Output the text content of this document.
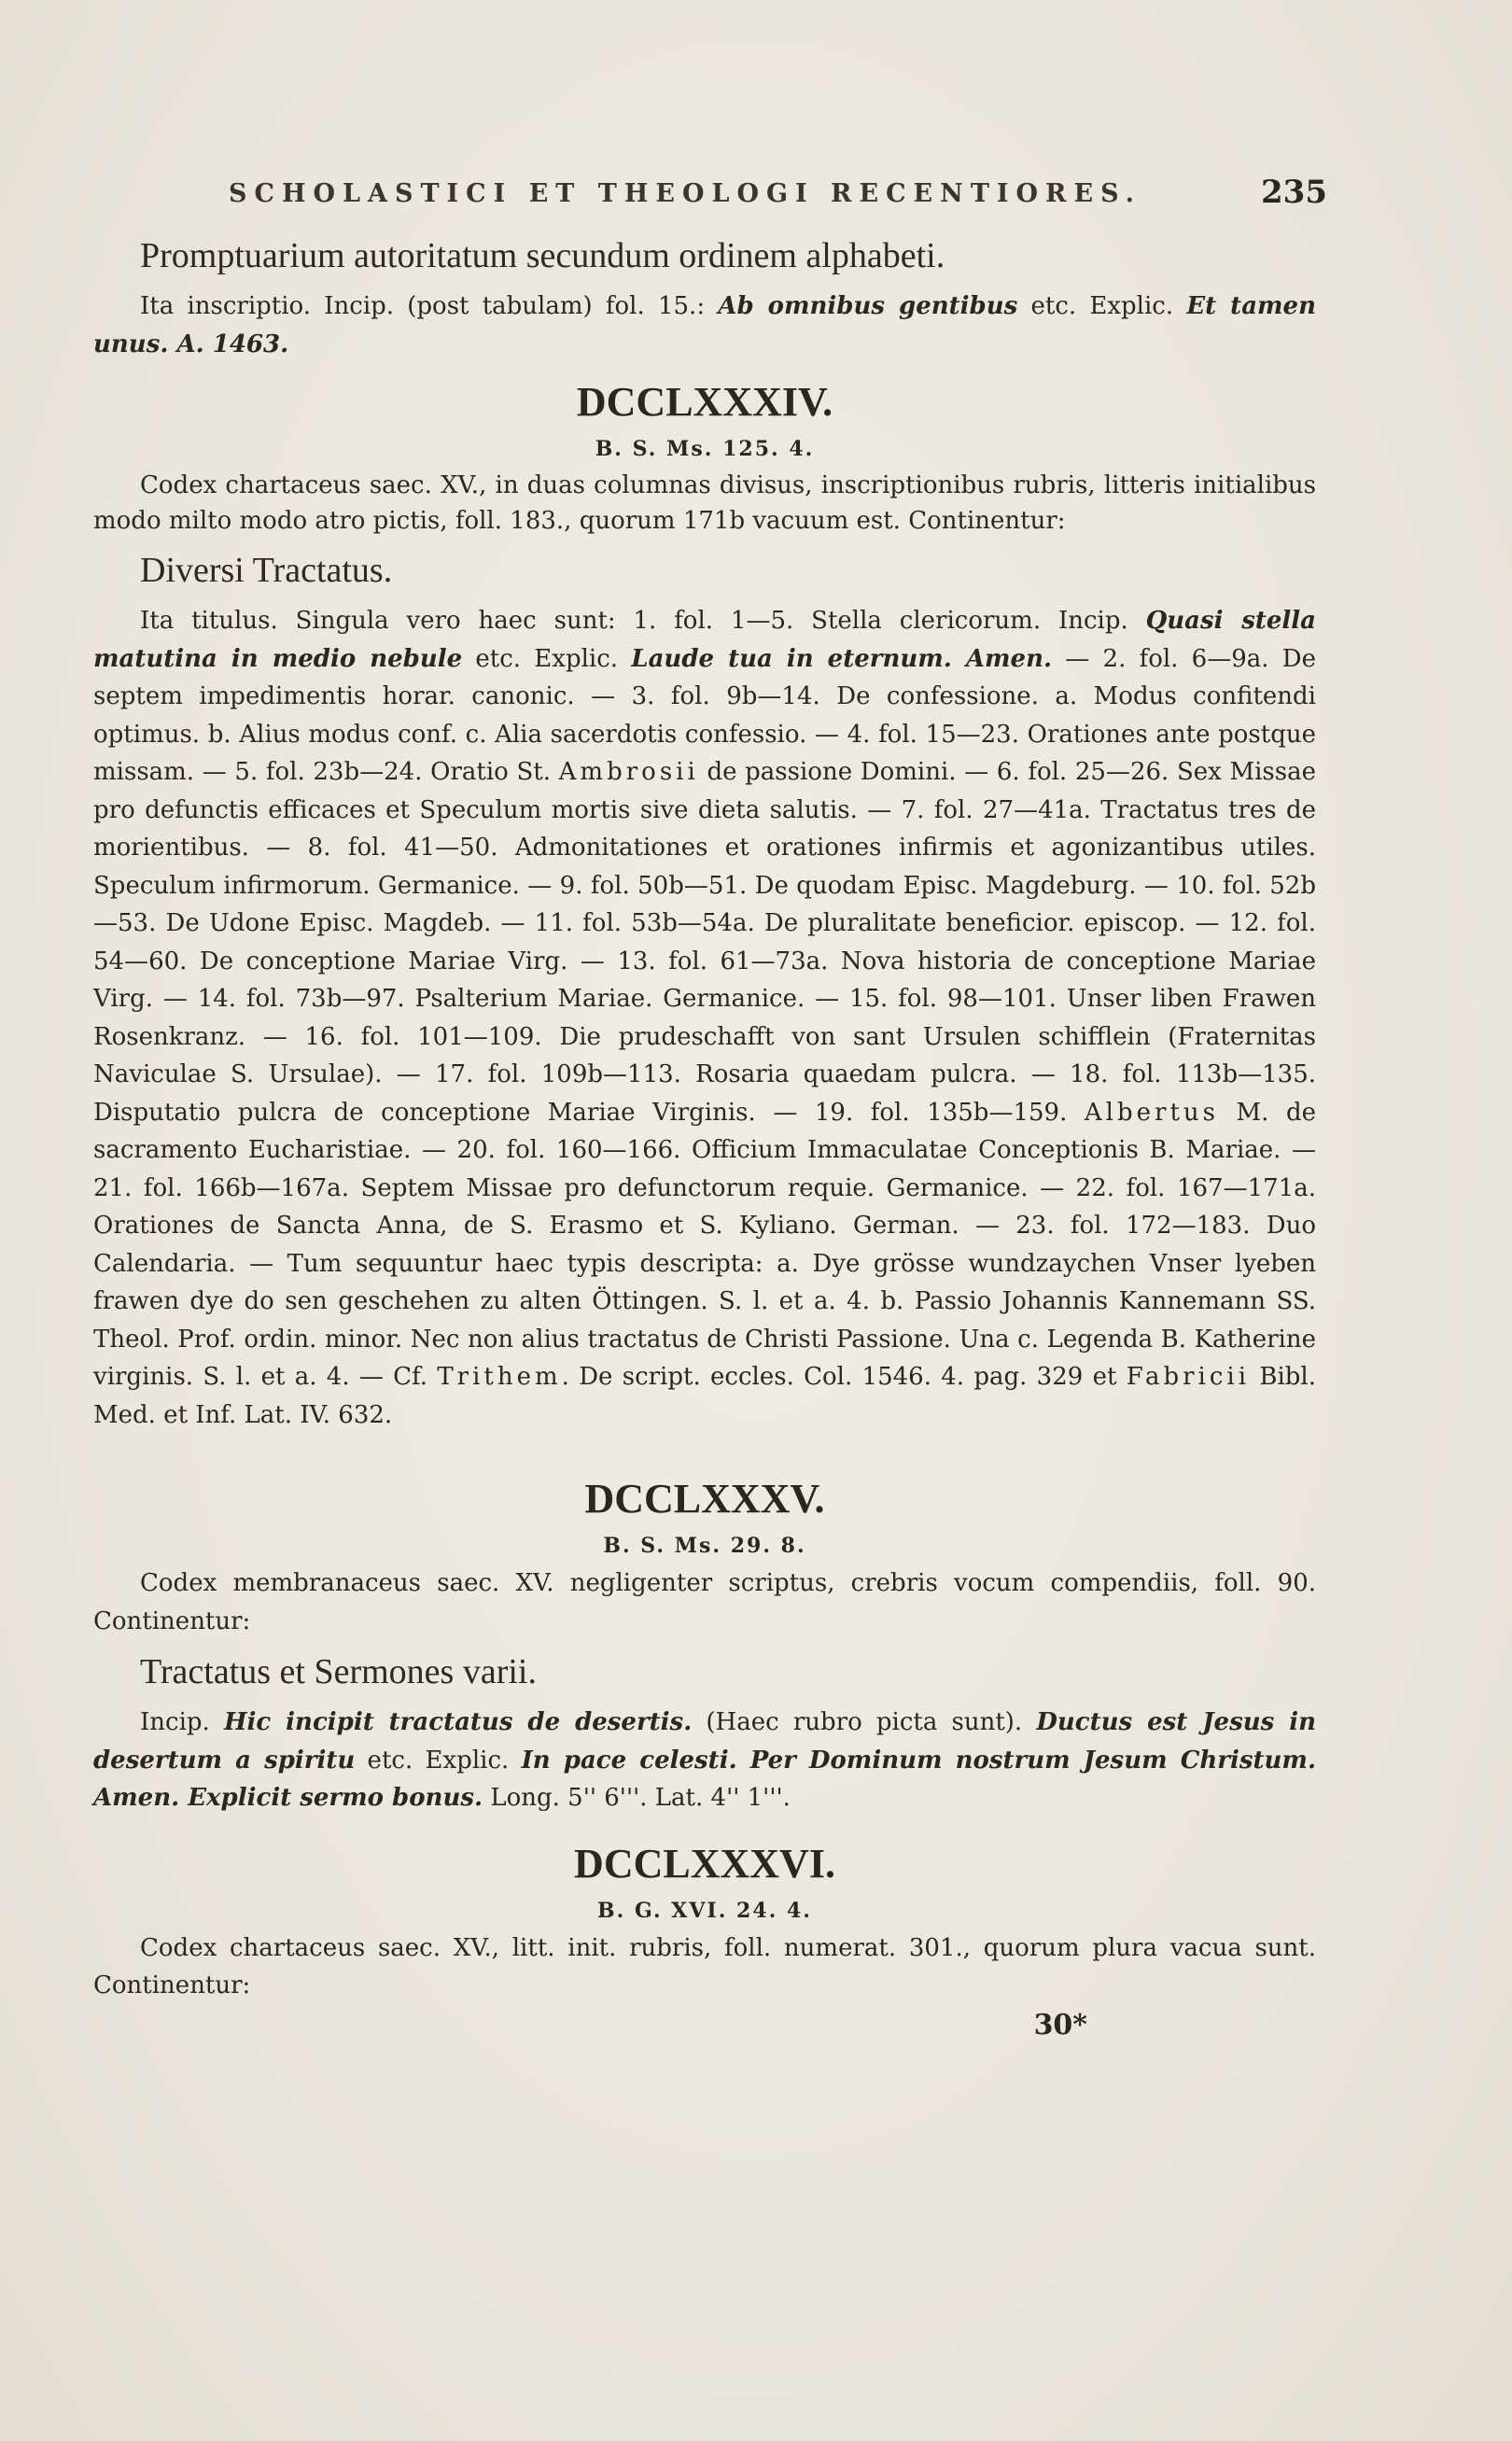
SCHOLASTICI ET THEOLOGI RECENTIORES.	235
Promptuarium autoritatum secundum ordinem alphabeti.

Ita inscriptio. Incip. (post tabulam) fol. 15.: Ab omnibus gentibus etc. Explic. Et tamen unus. A. 1463.

DCCLXXXIV.
B. S. Ms. 125. 4.

Codex chartaceus saec. XV., in duas columnas divisus, inscriptionibus rubris, litteris initialibus modo milto modo atro pictis, foll. 183., quorum 171b vacuum est. Continentur:

Diversi Tractatus.

Ita titulus. Singula vero haec sunt: 1. fol. 1—5. Stella clericorum. Incip. Quasi stella matutina in medio nebule etc. Explic. Laude tua in eternum. Amen. — 2. fol. 6—9a. De septem impedimentis horar. canonic. — 3. fol. 9b—14. De confessione. a. Modus confitendi optimus. b. Alius modus conf. c. Alia sacerdotis confessio. — 4. fol. 15—23. Orationes ante postque missam. — 5. fol. 23b—24. Oratio St. Ambrosii de passione Domini. — 6. fol. 25—26. Sex Missae pro defunctis efficaces et Speculum mortis sive dieta salutis. — 7. fol. 27—41a. Tractatus tres de morientibus. — 8. fol. 41—50. Admonitationes et orationes infirmis et agonizantibus utiles. Speculum infirmorum. Germanice. — 9. fol. 50b—51. De quodam Episc. Magdeburg. — 10. fol. 52b—53. De Udone Episc. Magdeb. — 11. fol. 53b—54a. De pluralitate beneficior. episcop. — 12. fol. 54—60. De conceptione Mariae Virg. — 13. fol. 61—73a. Nova historia de conceptione Mariae Virg. — 14. fol. 73b—97. Psalterium Mariae. Germanice. — 15. fol. 98—101. Unser liben Frawen Rosenkranz. — 16. fol. 101—109. Die prudeschafft von sant Ursulen schifflein (Fraternitas Naviculae S. Ursulae). — 17. fol. 109b—113. Rosaria quaedam pulcra. — 18. fol. 113b—135. Disputatio pulcra de conceptione Mariae Virginis. — 19. fol. 135b—159. Albertus M. de sacramento Eucharistiae. — 20. fol. 160—166. Officium Immaculatae Conceptionis B. Mariae. — 21. fol. 166b—167a. Septem Missae pro defunctorum requie. Germanice. — 22. fol. 167—171a. Orationes de Sancta Anna, de S. Erasmo et S. Kyliano. German. — 23. fol. 172—183. Duo Calendaria. — Tum sequuntur haec typis descripta: a. Dye grösse wundzaychen Vnser lyeben frawen dye do sen geschehen zu alten Öttingen. S. l. et a. 4. b. Passio Johannis Kannemann SS. Theol. Prof. ordin. minor. Nec non alius tractatus de Christi Passione. Una c. Legenda B. Katherine virginis. S. l. et a. 4. — Cf. Trithem. De script. eccles. Col. 1546. 4. pag. 329 et Fabricii Bibl. Med. et Inf. Lat. IV. 632.

DCCLXXXV.
B. S. Ms. 29. 8.

Codex membranaceus saec. XV. negligenter scriptus, crebris vocum compendiis, foll. 90. Continentur:

Tractatus et Sermones varii.

Incip. Hic incipit tractatus de desertis. (Haec rubro picta sunt). Ductus est Jesus in desertum a spiritu etc. Explic. In pace celesti. Per Dominum nostrum Jesum Christum. Amen. Explicit sermo bonus. Long. 5'' 6'''. Lat. 4'' 1'''.

DCCLXXXVI.
B. G. XVI. 24. 4.

Codex chartaceus saec. XV., litt. init. rubris, foll. numerat. 301., quorum plura vacua sunt. Continentur:

30*
